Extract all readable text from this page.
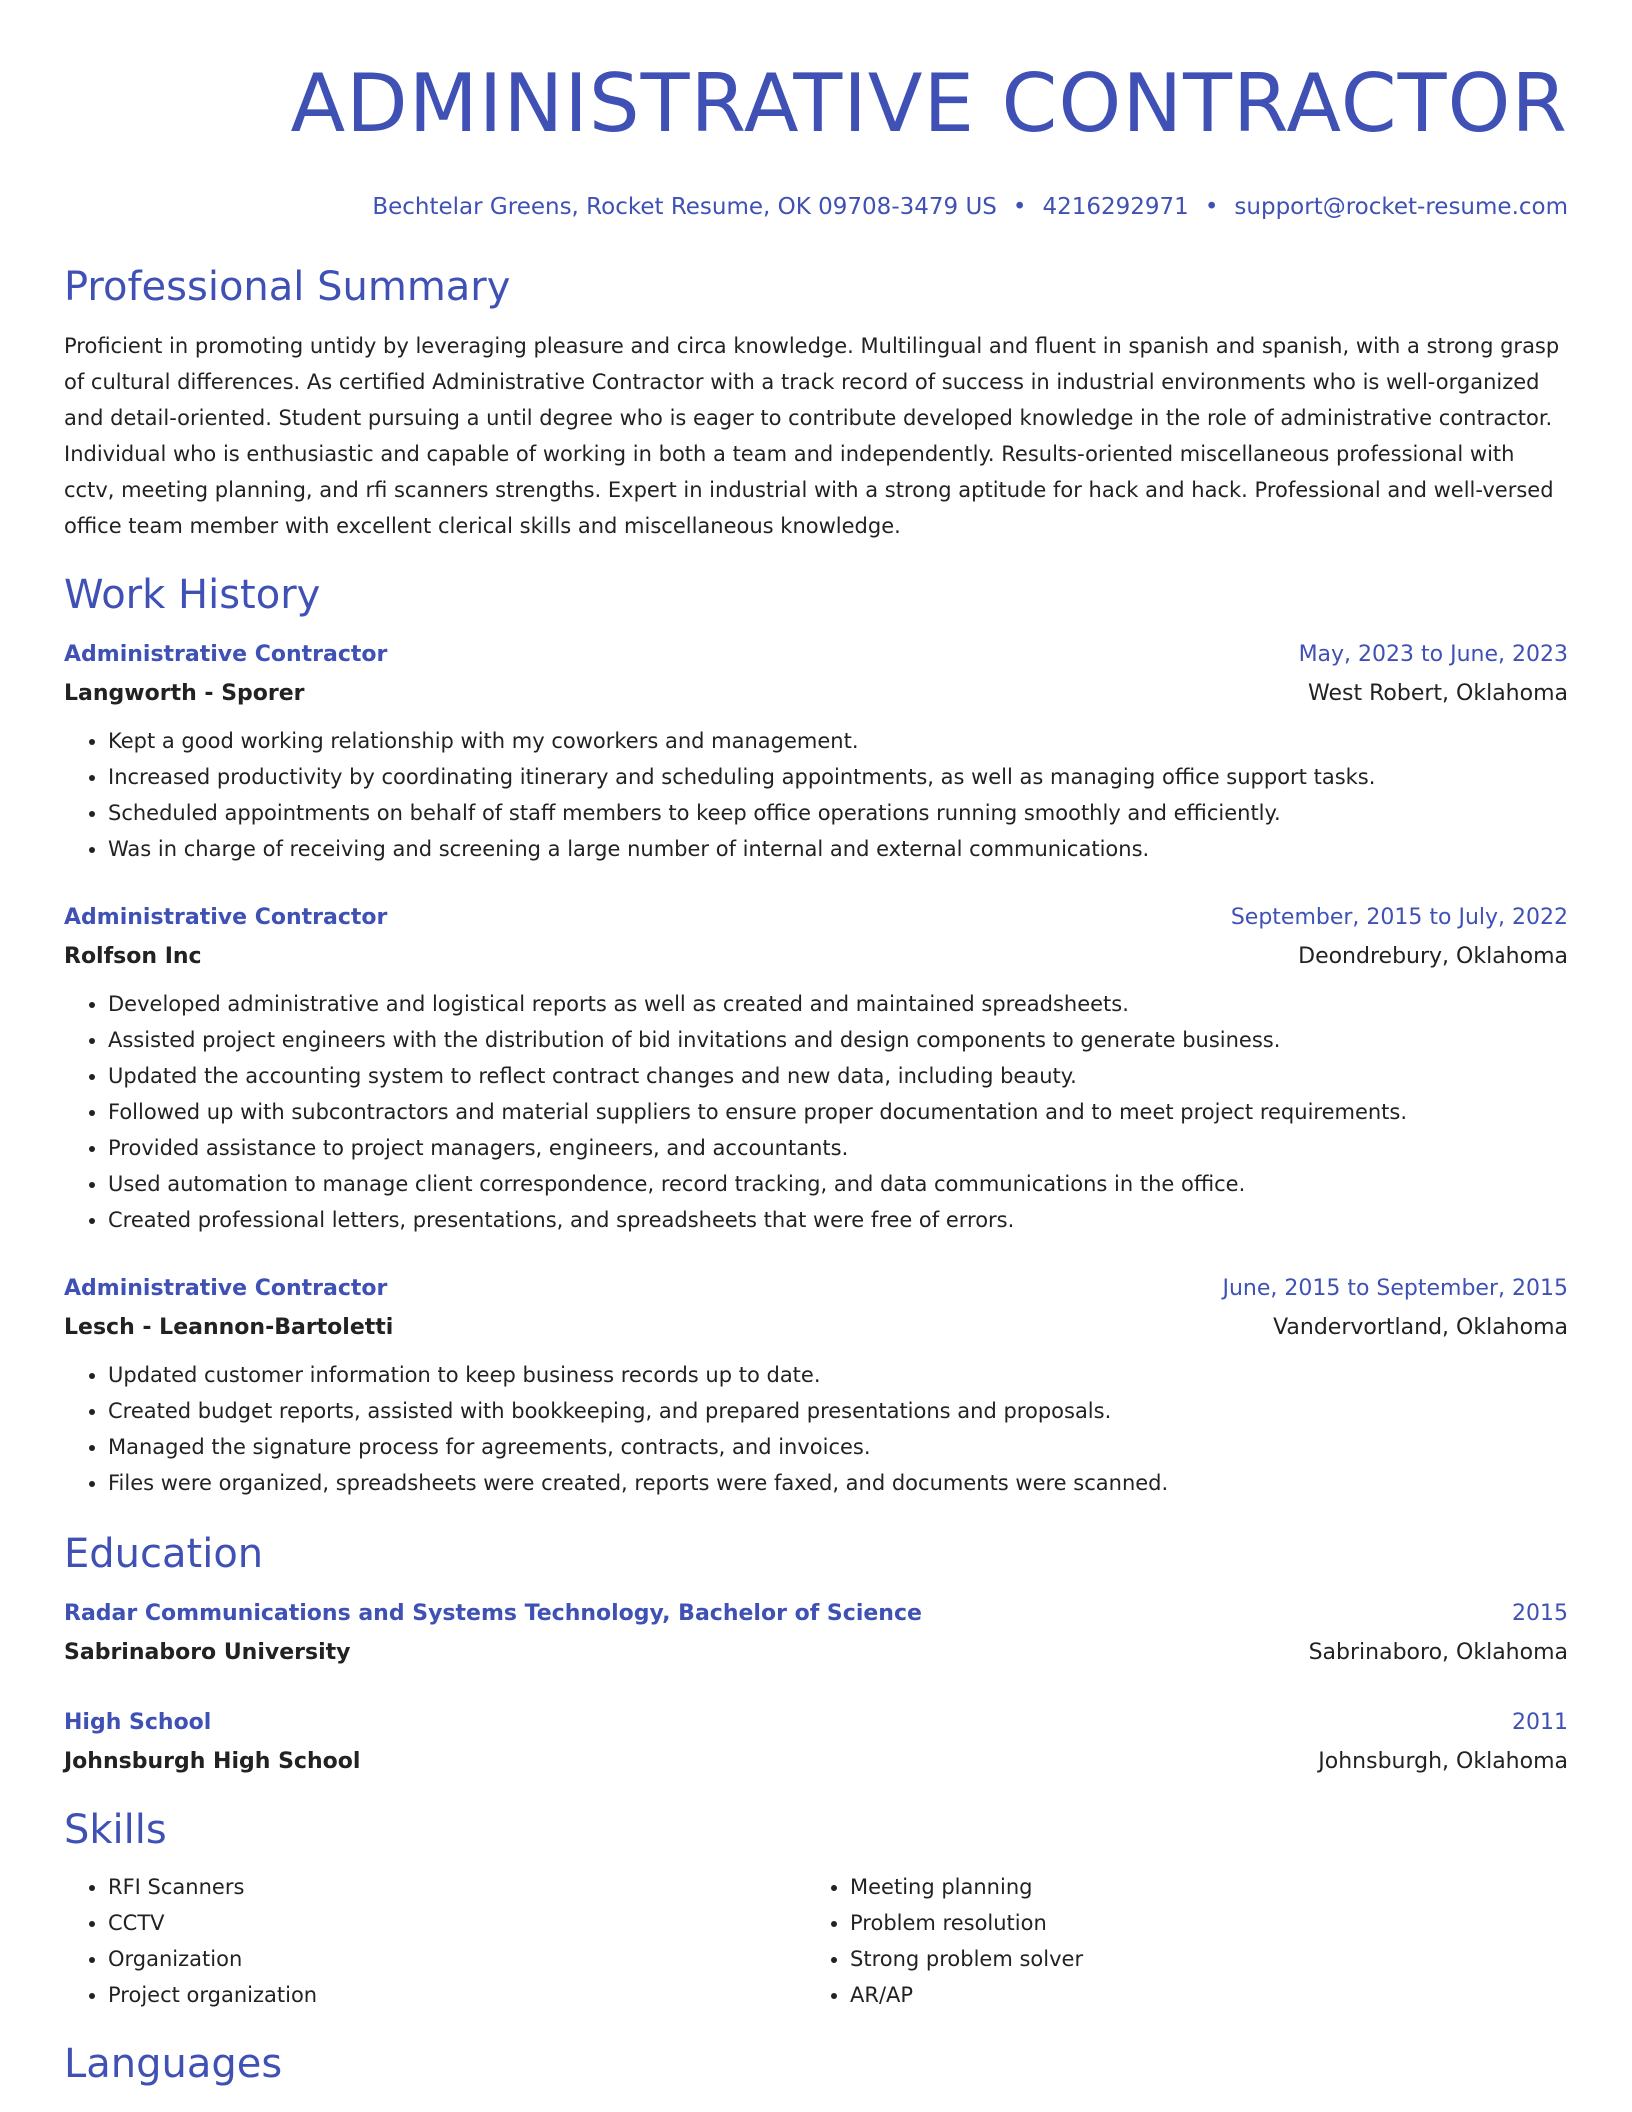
ADMINISTRATIVE CONTRACTOR
Bechtelar Greens, Rocket Resume, OK 09708-3479 US • 4216292971 • support@rocket-resume.com
Professional Summary

Proficient in promoting untidy by leveraging pleasure and circa knowledge. Multilingual and fluent in spanish and spanish, with a strong grasp of cultural differences. As certified Administrative Contractor with a track record of success in industrial environments who is well-organized and detail-oriented. Student pursuing a until degree who is eager to contribute developed knowledge in the role of administrative contractor. Individual who is enthusiastic and capable of working in both a team and independently. Results-oriented miscellaneous professional with cctv, meeting planning, and rfi scanners strengths. Expert in industrial with a strong aptitude for hack and hack. Professional and well-versed office team member with excellent clerical skills and miscellaneous knowledge.

Work History
Administrative Contractor	May, 2023 to June, 2023
Langworth - Sporer	West Robert, Oklahoma
• Kept a good working relationship with my coworkers and management.
• Increased productivity by coordinating itinerary and scheduling appointments, as well as managing office support tasks.
• Scheduled appointments on behalf of staff members to keep office operations running smoothly and efficiently.
• Was in charge of receiving and screening a large number of internal and external communications.
Administrative Contractor	September, 2015 to July, 2022
Rolfson Inc	Deondrebury, Oklahoma
• Developed administrative and logistical reports as well as created and maintained spreadsheets.
• Assisted project engineers with the distribution of bid invitations and design components to generate business.
• Updated the accounting system to reflect contract changes and new data, including beauty.
• Followed up with subcontractors and material suppliers to ensure proper documentation and to meet project requirements.
• Provided assistance to project managers, engineers, and accountants.
• Used automation to manage client correspondence, record tracking, and data communications in the office.
• Created professional letters, presentations, and spreadsheets that were free of errors.
Administrative Contractor	June, 2015 to September, 2015
Lesch - Leannon-Bartoletti	Vandervortland, Oklahoma
• Updated customer information to keep business records up to date.
• Created budget reports, assisted with bookkeeping, and prepared presentations and proposals.
• Managed the signature process for agreements, contracts, and invoices.
• Files were organized, spreadsheets were created, reports were faxed, and documents were scanned.
Education
Radar Communications and Systems Technology, Bachelor of Science	2015
Sabrinaboro University	Sabrinaboro, Oklahoma
High School	2011
Johnsburgh High School	Johnsburgh, Oklahoma
Skills
• RFI Scanners
• CCTV
• Organization
• Project organization
• Meeting planning
• Problem resolution
• Strong problem solver
• AR/AP
Languages
